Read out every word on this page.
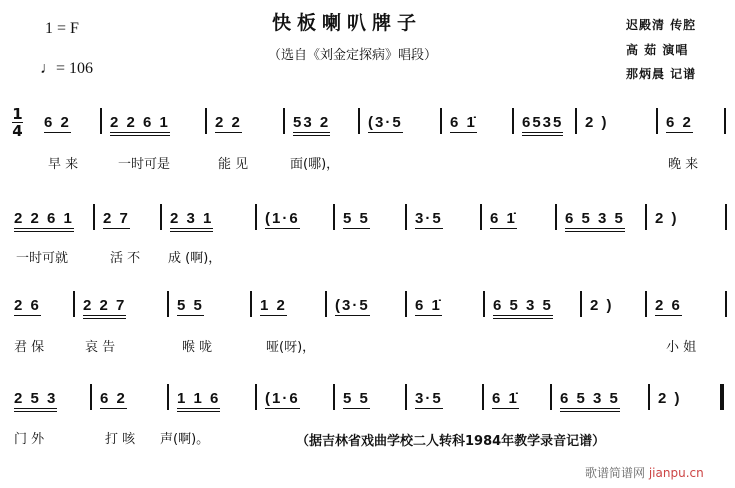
快板喇叭牌子
（选自《刘金定探病》唱段）
1 = F
♩= 106
迟殿清 传腔
高 茹 演唱
那炳晨 记谱
1
4 6 2	2 2 6 1	2 2	53 2	(3·5	6 1̇	6535 2 )	6 2
早 来	一时可是	能 见	面(哪)，	晚 来
2 2 6 1 2 7	2 3 1	(1·6	5 5	3·5	6 1̇	6 5 3 5 2 )
一时可就	活 不 成 (啊)，
2 6	2 2 7	5 5	1 2	(3·5	6 1̇	6 5 3 5 2 )	2 6
君 保	哀 告	喉 咙	哑(呀)，	小 姐
2 5 3	6 2	1 1 6	(1·6	5 5	3·5	6 1̇	6 5 3 5	2 )
门 外	打 咳 声(啊)。	（据吉林省戏曲学校二人转科1984年教学录音记谱）
歌谱简谱网 jianpu.cn
